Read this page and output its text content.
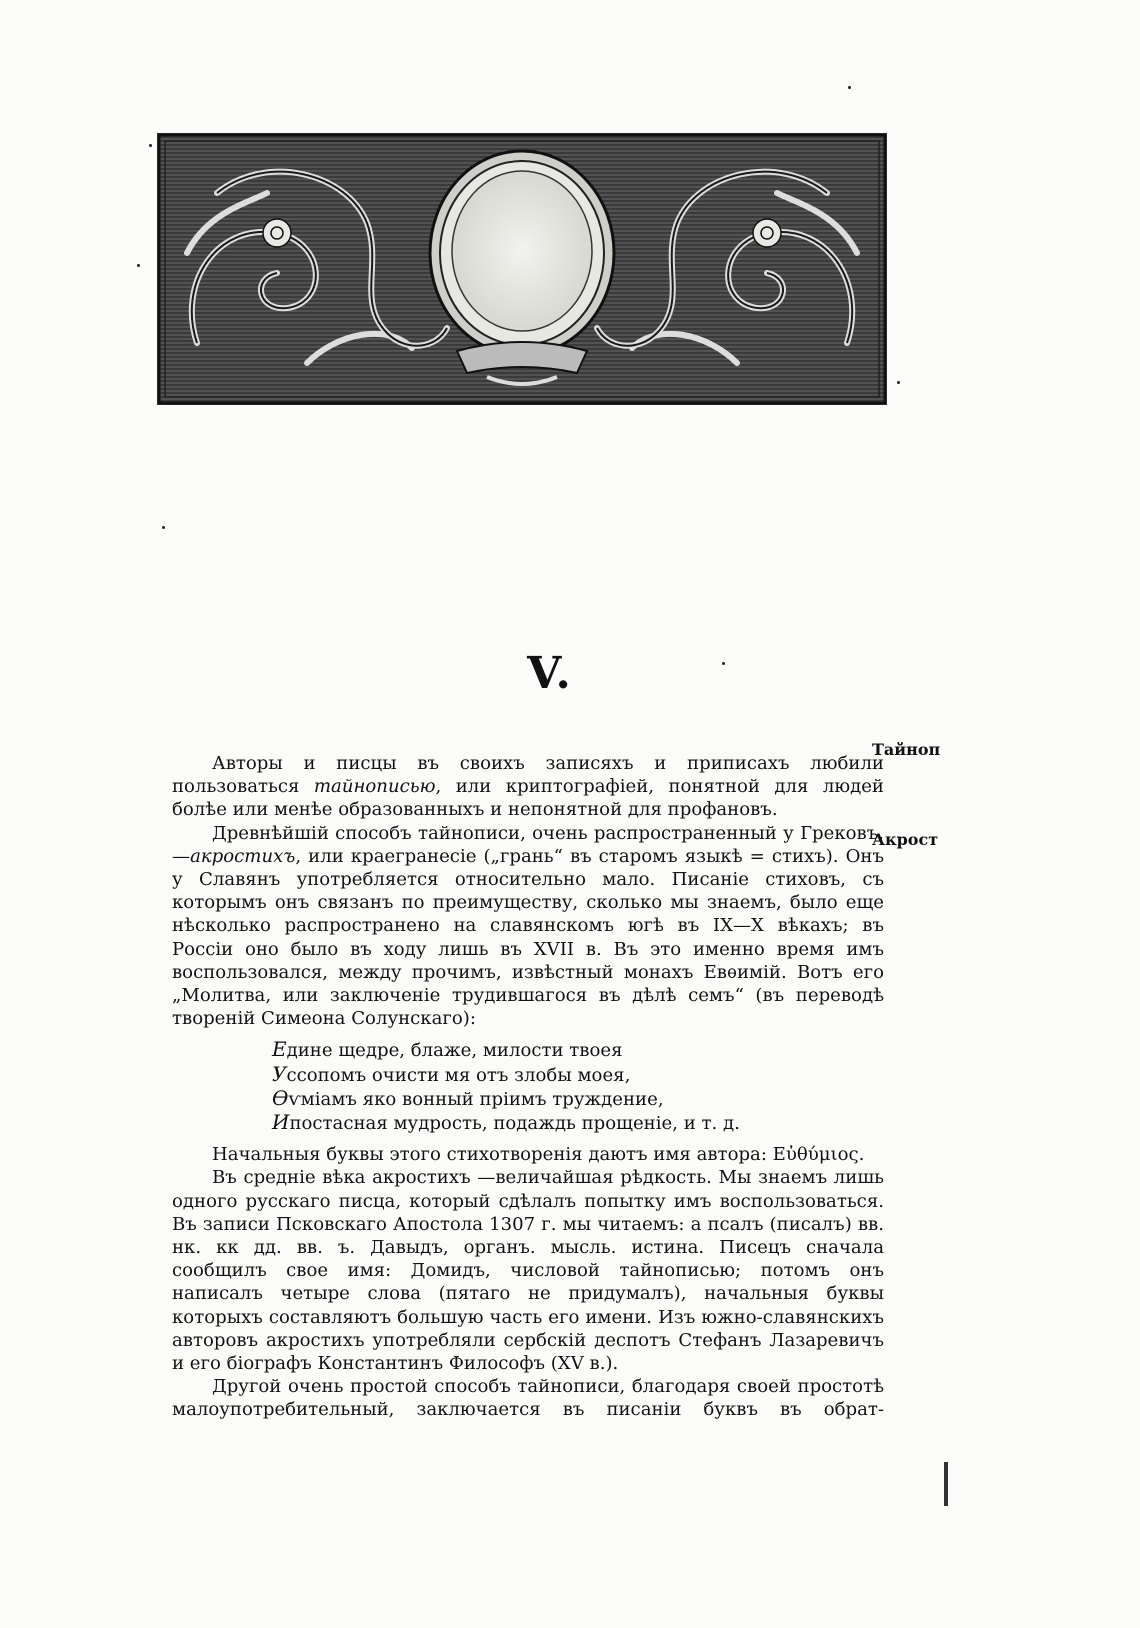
V.
Тайноп
Акрост

Авторы и писцы въ своихъ записяхъ и приписахъ любили пользоваться тайнописью, или криптографіей, понятной для людей болѣе или менѣе образованныхъ и непонятной для профановъ.

Древнѣйшій способъ тайнописи, очень распространенный у Грековъ, —акростихъ, или краегранесіе („грань“ въ старомъ языкѣ = стихъ). Онъ у Славянъ употребляется относительно мало. Писаніе стиховъ, съ которымъ онъ связанъ по преимуществу, сколько мы знаемъ, было еще нѣсколько распространено на славянскомъ югѣ въ IX—X вѣкахъ; въ Россіи оно было въ ходу лишь въ XVII в. Въ это именно время имъ воспользовался, между прочимъ, извѣстный монахъ Евѳимій. Вотъ его „Молитва, или заключеніе трудившагося въ дѣлѣ семъ“ (въ переводѣ твореній Симеона Солунскаго):

Едине щедре, блаже, милости твоея
Уссопомъ очисти мя отъ злобы моея,
Ѳѵміамъ яко вонный пріимъ труждение,
Ипостасная мудрость, подаждь прощеніе, и т. д.

Начальныя буквы этого стихотворенія даютъ имя автора: Εὐθύμιος.

Въ средніе вѣка акростихъ —величайшая рѣдкость. Мы знаемъ лишь одного русскаго писца, который сдѣлалъ попытку имъ воспользоваться. Въ записи Псковскаго Апостола 1307 г. мы читаемъ: а псалъ (писалъ) вв. нк. кк дд. вв. ъ. Давыдъ, органъ. мысль. истина. Писецъ сначала сообщилъ свое имя: Домидъ, числовой тайнописью; потомъ онъ написалъ четыре слова (пятаго не придумалъ), начальныя буквы которыхъ составляютъ большую часть его имени. Изъ южно-славянскихъ авторовъ акростихъ употребляли сербскій деспотъ Стефанъ Лазаревичъ и его біографъ Константинъ Философъ (XV в.).

Другой очень простой способъ тайнописи, благодаря своей простотѣ малоупотребительный, заключается въ писаніи буквъ въ обрат-
